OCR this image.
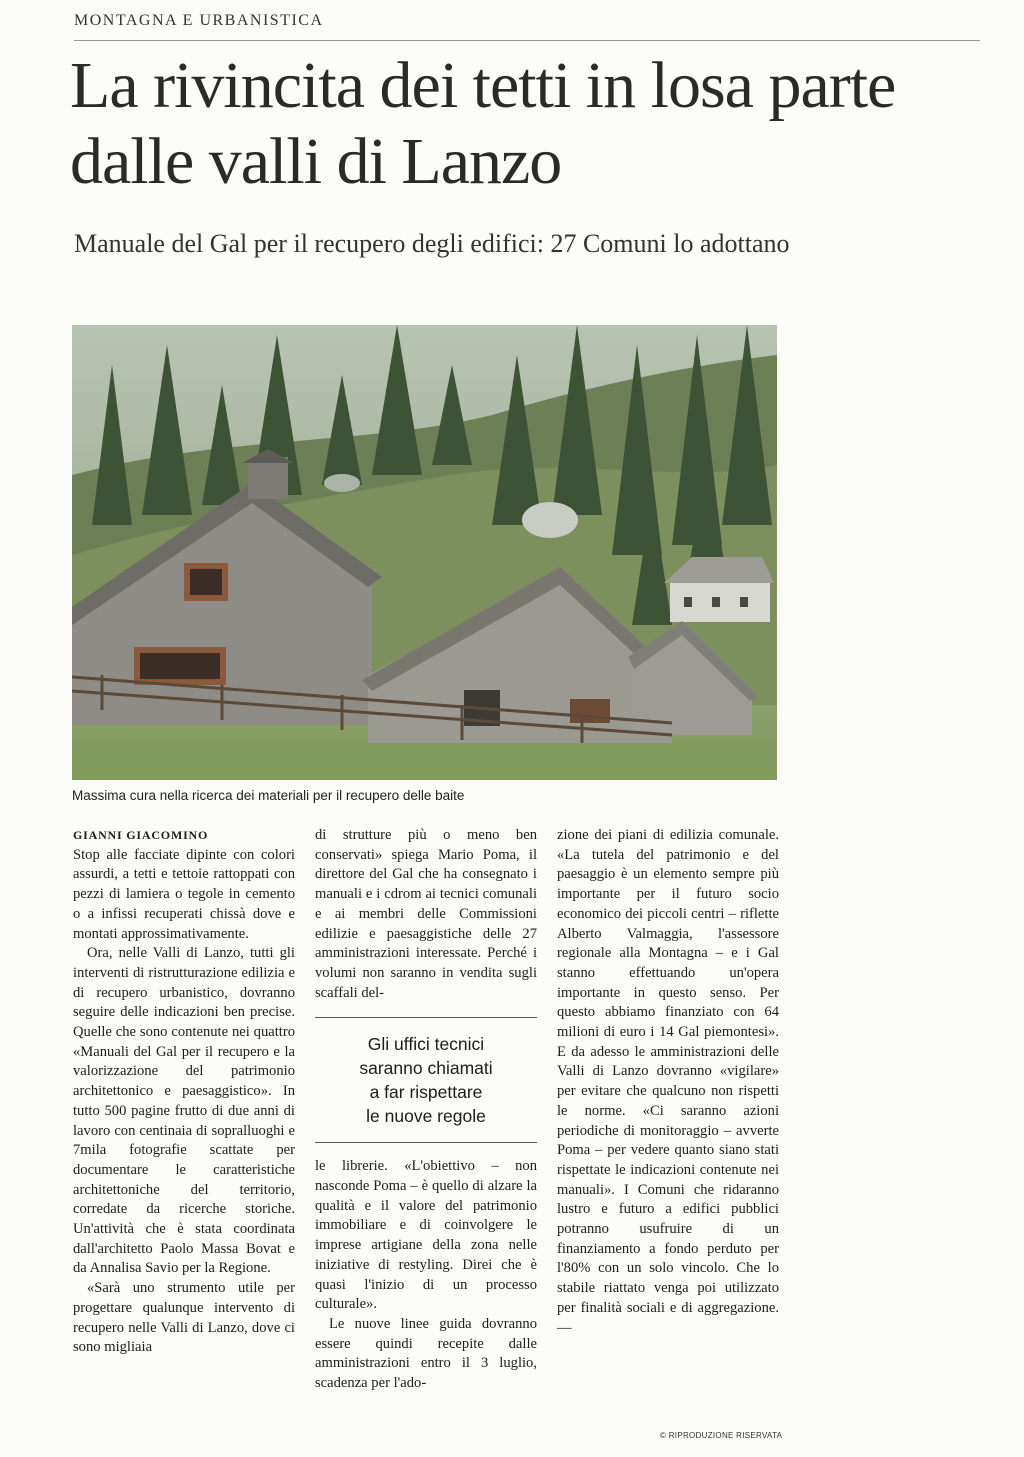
MONTAGNA E URBANISTICA
La rivincita dei tetti in losa parte dalle valli di Lanzo

Manuale del Gal per il recupero degli edifici: 27 Comuni lo adottano

Massima cura nella ricerca dei materiali per il recupero delle baite

GIANNI GIACOMINO

Stop alle facciate dipinte con colori assurdi, a tetti e tettoie rattoppati con pezzi di lamiera o tegole in cemento o a infissi recuperati chissà dove e montati approssimativamente.

Ora, nelle Valli di Lanzo, tutti gli interventi di ristrutturazione edilizia e di recupero urbanistico, dovranno seguire delle indicazioni ben precise. Quelle che sono contenute nei quattro «Manuali del Gal per il recupero e la valorizzazione del patrimonio architettonico e paesaggistico». In tutto 500 pagine frutto di due anni di lavoro con centinaia di sopralluoghi e 7mila fotografie scattate per documentare le caratteristiche architettoniche del territorio, corredate da ricerche storiche. Un'attività che è stata coordinata dall'architetto Paolo Massa Bovat e da Annalisa Savio per la Regione.

«Sarà uno strumento utile per progettare qualunque intervento di recupero nelle Valli di Lanzo, dove ci sono migliaia

di strutture più o meno ben conservati» spiega Mario Poma, il direttore del Gal che ha consegnato i manuali e i cdrom ai tecnici comunali e ai membri delle Commissioni edilizie e paesaggistiche delle 27 amministrazioni interessate. Perché i volumi non saranno in vendita sugli scaffali del-

Gli uffici tecnici
saranno chiamati
a far rispettare
le nuove regole

le librerie. «L'obiettivo – non nasconde Poma – è quello di alzare la qualità e il valore del patrimonio immobiliare e di coinvolgere le imprese artigiane della zona nelle iniziative di restyling. Direi che è quasi l'inizio di un processo culturale».

Le nuove linee guida dovranno essere quindi recepite dalle amministrazioni entro il 3 luglio, scadenza per l'ado-

zione dei piani di edilizia comunale. «La tutela del patrimonio e del paesaggio è un elemento sempre più importante per il futuro socio economico dei piccoli centri – riflette Alberto Valmaggia, l'assessore regionale alla Montagna – e i Gal stanno effettuando un'opera importante in questo senso. Per questo abbiamo finanziato con 64 milioni di euro i 14 Gal piemontesi». E da adesso le amministrazioni delle Valli di Lanzo dovranno «vigilare» per evitare che qualcuno non rispetti le norme. «Ci saranno azioni periodiche di monitoraggio – avverte Poma – per vedere quanto siano stati rispettate le indicazioni contenute nei manuali». I Comuni che ridaranno lustro e futuro a edifici pubblici potranno usufruire di un finanziamento a fondo perduto per l'80% con un solo vincolo. Che lo stabile riattato venga poi utilizzato per finalità sociali e di aggregazione. —

© RIPRODUZIONE RISERVATA
